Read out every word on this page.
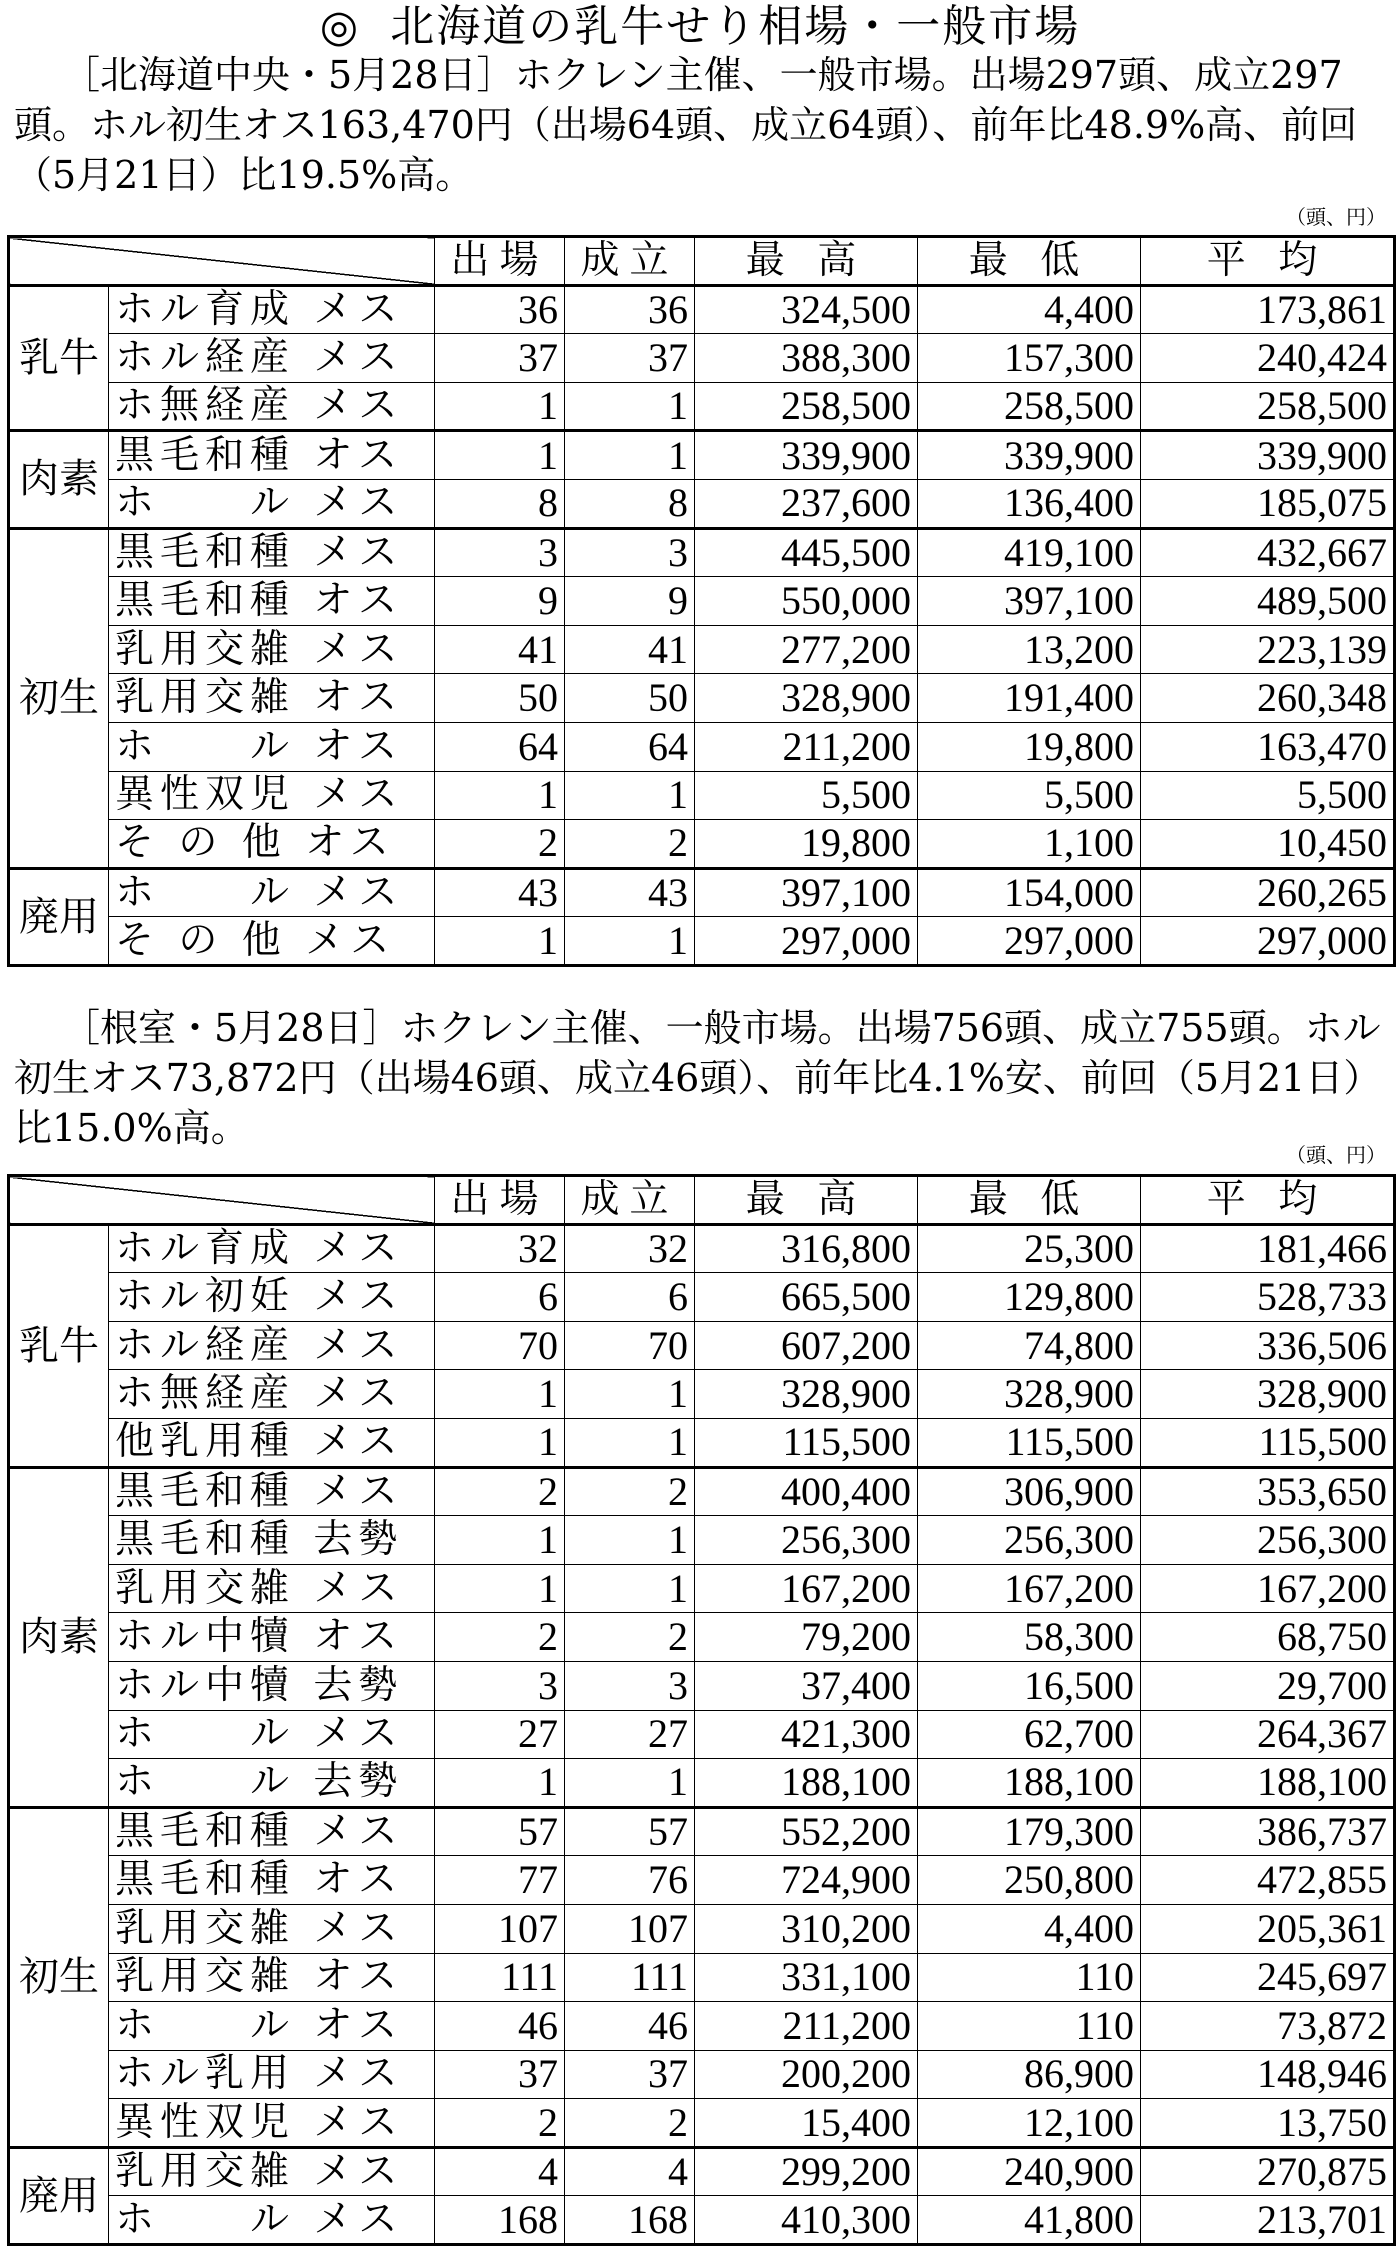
◎ 北海道の乳牛せり相場・一般市場

［北海道中央・5月28日］ホクレン主催、一般市場。出場297頭、成立297頭。ホル初生オス163,470円（出場64頭、成立64頭）、前年比48.9%高、前回（5月21日）比19.5%高。

（頭、円）
		出場	成立	最 高	最 低	平 均
乳牛	ホル育成 メス	36	36	324,500	4,400	173,861
	ホル経産 メス	37	37	388,300	157,300	240,424
	ホ無経産 メス	1	1	258,500	258,500	258,500
肉素	黒毛和種 オス	1	1	339,900	339,900	339,900
	ホ　　ル メス	8	8	237,600	136,400	185,075
初生	黒毛和種 メス	3	3	445,500	419,100	432,667
	黒毛和種 オス	9	9	550,000	397,100	489,500
	乳用交雑 メス	41	41	277,200	13,200	223,139
	乳用交雑 オス	50	50	328,900	191,400	260,348
	ホ　　ル オス	64	64	211,200	19,800	163,470
	異性双児 メス	1	1	5,500	5,500	5,500
	そ の 他 オス	2	2	19,800	1,100	10,450
廃用	ホ　　ル メス	43	43	397,100	154,000	260,265
	そ の 他 メス	1	1	297,000	297,000	297,000

［根室・5月28日］ホクレン主催、一般市場。出場756頭、成立755頭。ホル初生オス73,872円（出場46頭、成立46頭）、前年比4.1%安、前回（5月21日）比15.0%高。

（頭、円）
		出場	成立	最 高	最 低	平 均
乳牛	ホル育成 メス	32	32	316,800	25,300	181,466
	ホル初妊 メス	6	6	665,500	129,800	528,733
	ホル経産 メス	70	70	607,200	74,800	336,506
	ホ無経産 メス	1	1	328,900	328,900	328,900
	他乳用種 メス	1	1	115,500	115,500	115,500
肉素	黒毛和種 メス	2	2	400,400	306,900	353,650
	黒毛和種 去勢	1	1	256,300	256,300	256,300
	乳用交雑 メス	1	1	167,200	167,200	167,200
	ホル中犢 オス	2	2	79,200	58,300	68,750
	ホル中犢 去勢	3	3	37,400	16,500	29,700
	ホ　　ル メス	27	27	421,300	62,700	264,367
	ホ　　ル 去勢	1	1	188,100	188,100	188,100
初生	黒毛和種 メス	57	57	552,200	179,300	386,737
	黒毛和種 オス	77	76	724,900	250,800	472,855
	乳用交雑 メス	107	107	310,200	4,400	205,361
	乳用交雑 オス	111	111	331,100	110	245,697
	ホ　　ル オス	46	46	211,200	110	73,872
	ホル乳用 メス	37	37	200,200	86,900	148,946
	異性双児 メス	2	2	15,400	12,100	13,750
廃用	乳用交雑 メス	4	4	299,200	240,900	270,875
	ホ　　ル メス	168	168	410,300	41,800	213,701
